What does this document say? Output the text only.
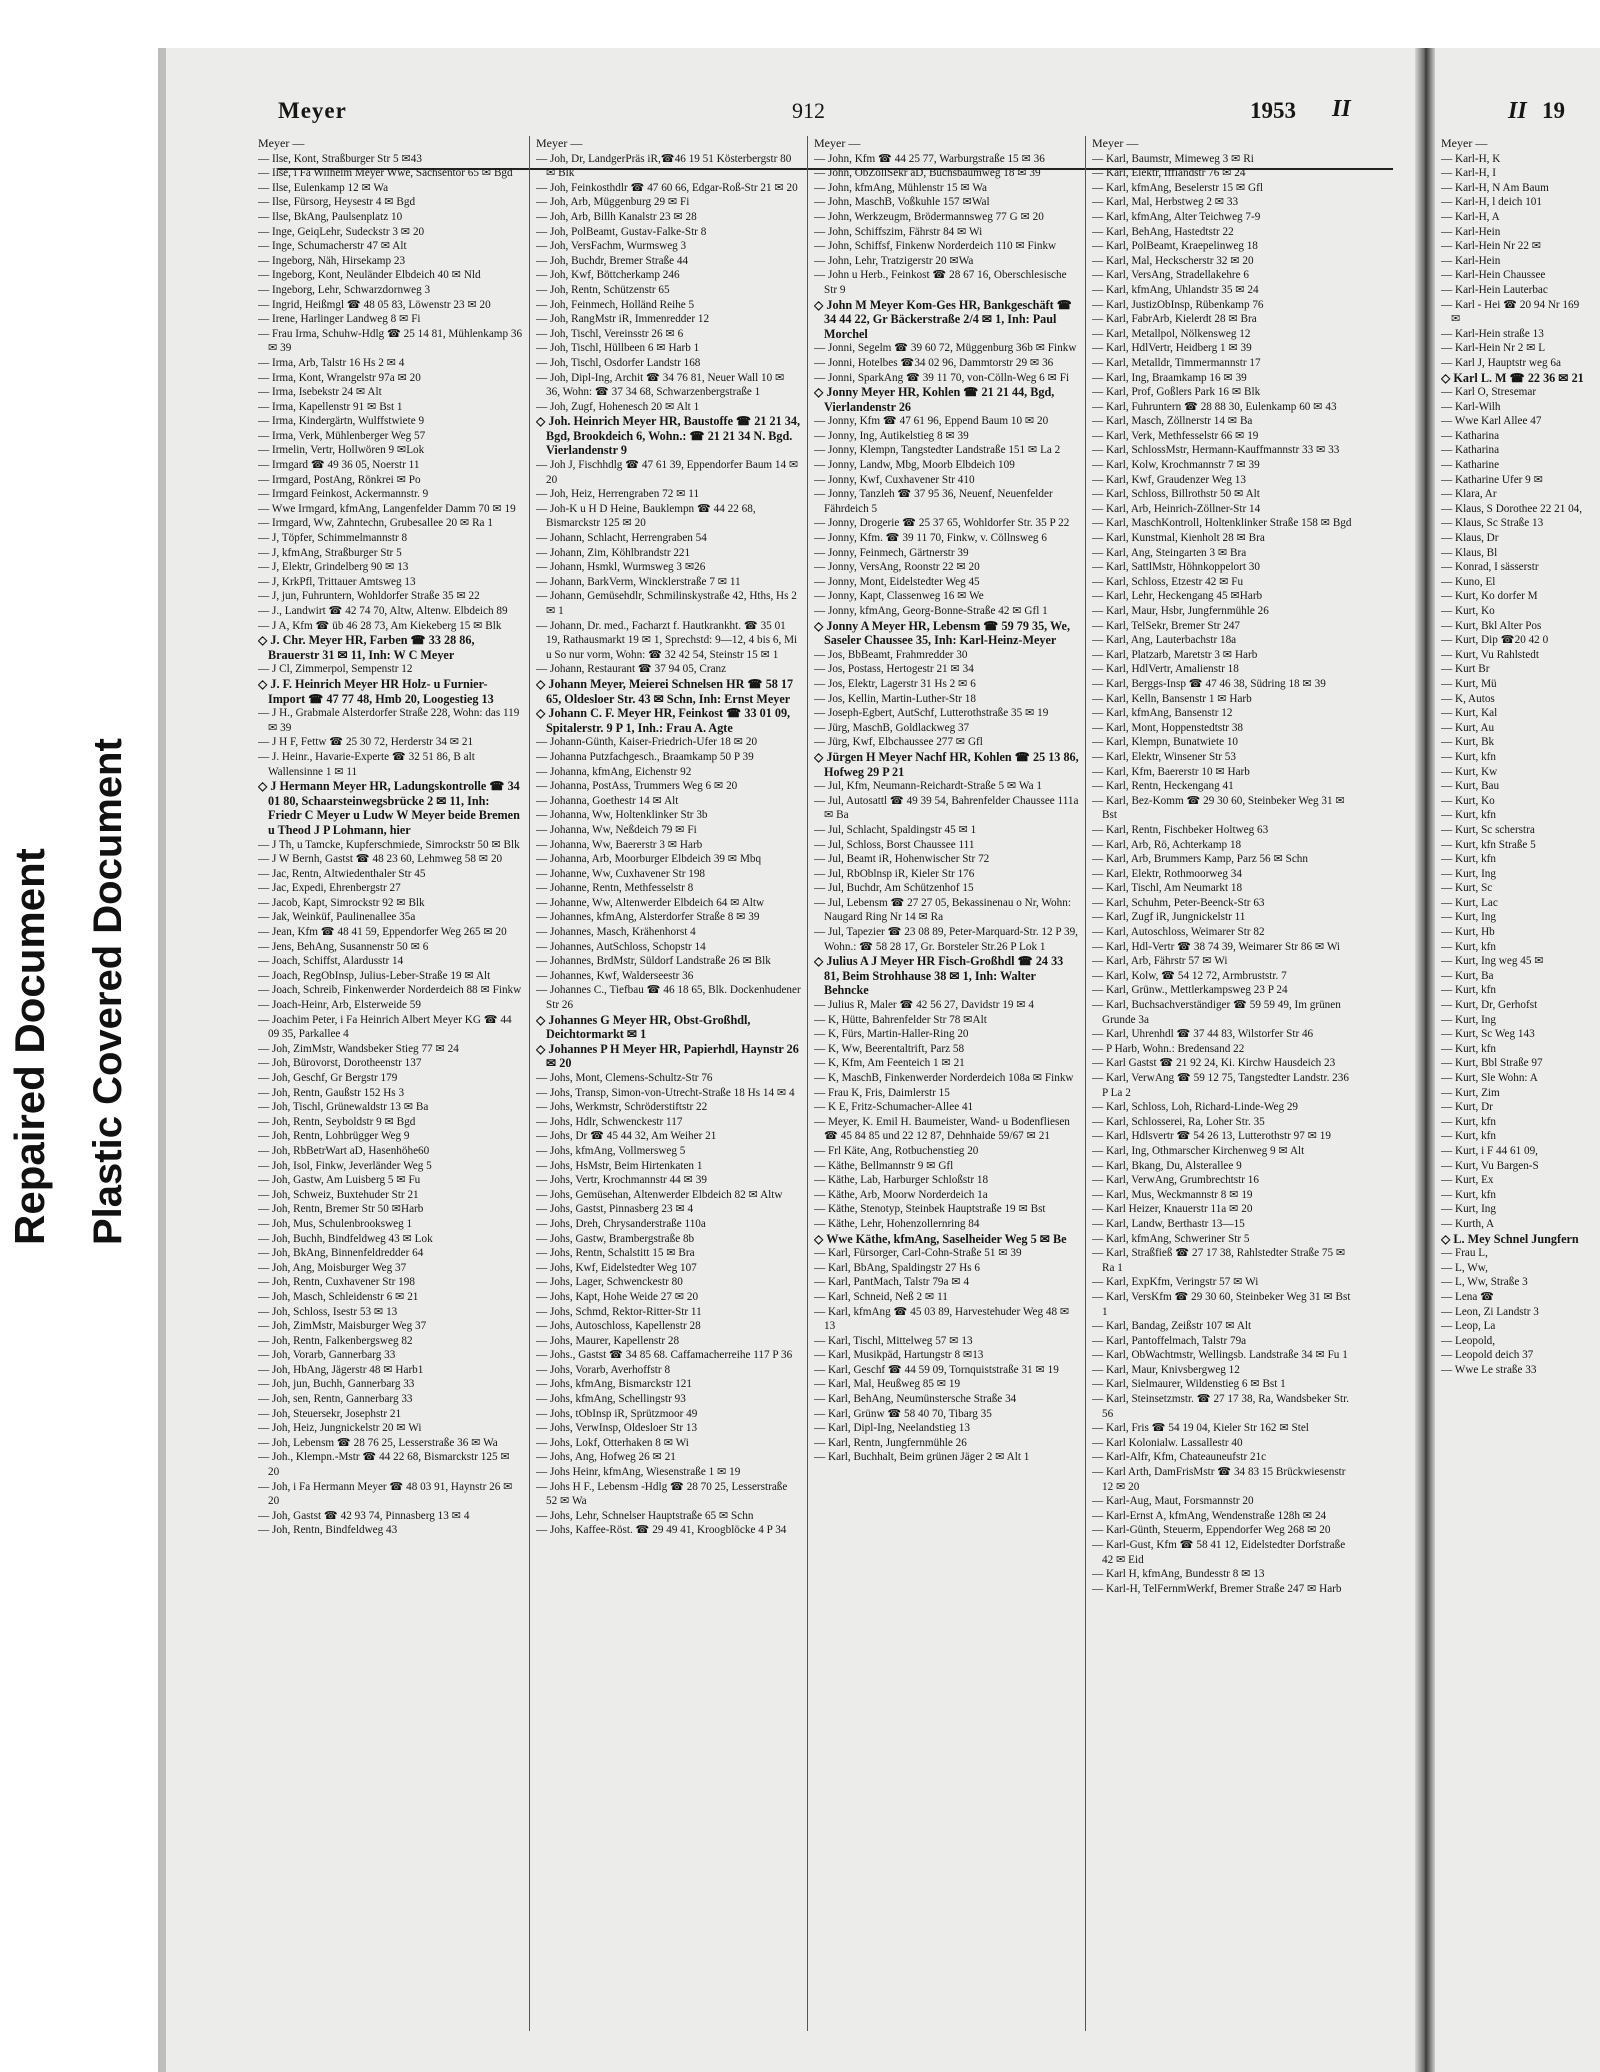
Repaired Document Plastic Covered Document
Meyer	912	1953 II	II 19
Meyer —

— Ilse, Kont, Straßburger Str 5 ✉43

— Ilse, i Fa Wilhelm Meyer Wwe, Sachsentor 65 ✉ Bgd

— Ilse, Eulenkamp 12 ✉ Wa

— Ilse, Fürsorg, Heysestr 4 ✉ Bgd

— Ilse, BkAng, Paulsenplatz 10

— Inge, GeiqLehr, Sudeckstr 3 ✉ 20

— Inge, Schumacherstr 47 ✉ Alt

— Ingeborg, Näh, Hirsekamp 23

— Ingeborg, Kont, Neuländer Elbdeich 40 ✉ Nld

— Ingeborg, Lehr, Schwarzdornweg 3

— Ingrid, Heißmgl ☎ 48 05 83, Löwenstr 23 ✉ 20

— Irene, Harlinger Landweg 8 ✉ Fi

— Frau Irma, Schuhw-Hdlg ☎ 25 14 81, Mühlenkamp 36 ✉ 39

— Irma, Arb, Talstr 16 Hs 2 ✉ 4

— Irma, Kont, Wrangelstr 97a ✉ 20

— Irma, Isebekstr 24 ✉ Alt

— Irma, Kapellenstr 91 ✉ Bst 1

— Irma, Kindergärtn, Wulffstwiete 9

— Irma, Verk, Mühlenberger Weg 57

— Irmelin, Vertr, Hollwören 9 ✉Lok

— Irmgard ☎ 49 36 05, Noerstr 11

— Irmgard, PostAng, Rönkrei ✉ Po

— Irmgard Feinkost, Ackermannstr. 9

— Wwe Irmgard, kfmAng, Langenfelder Damm 70 ✉ 19

— Irmgard, Ww, Zahntechn, Grubesallee 20 ✉ Ra 1

— J, Töpfer, Schimmelmannstr 8

— J, kfmAng, Straßburger Str 5

— J, Elektr, Grindelberg 90 ✉ 13

— J, KrkPfl, Trittauer Amtsweg 13

— J, jun, Fuhruntern, Wohldorfer Straße 35 ✉ 22

— J., Landwirt ☎ 42 74 70, Altw, Altenw. Elbdeich 89

— J A, Kfm ☎ üb 46 28 73, Am Kiekeberg 15 ✉ Blk

◇ J. Chr. Meyer HR, Farben ☎ 33 28 86, Brauerstr 31 ✉ 11, Inh: W C Meyer

— J Cl, Zimmerpol, Sempenstr 12

◇ J. F. Heinrich Meyer HR Holz- u Furnier-Import ☎ 47 77 48, Hmb 20, Loogestieg 13

— J H., Grabmale Alsterdorfer Straße 228, Wohn: das 119 ✉ 39

— J H F, Fettw ☎ 25 30 72, Herderstr 34 ✉ 21

— J. Heinr., Havarie-Experte ☎ 32 51 86, B alt Wallensinne 1 ✉ 11

◇ J Hermann Meyer HR, Ladungskontrolle ☎ 34 01 80, Schaarsteinwegsbrücke 2 ✉ 11, Inh: Friedr C Meyer u Ludw W Meyer beide Bremen u Theod J P Lohmann, hier

— J Th, u Tamcke, Kupferschmiede, Simrockstr 50 ✉ Blk

— J W Bernh, Gastst ☎ 48 23 60, Lehmweg 58 ✉ 20

— Jac, Rentn, Altwiedenthaler Str 45

— Jac, Expedi, Ehrenbergstr 27

— Jacob, Kapt, Simrockstr 92 ✉ Blk

— Jak, Weinküf, Paulinenallee 35a

— Jean, Kfm ☎ 48 41 59, Eppendorfer Weg 265 ✉ 20

— Jens, BehAng, Susannenstr 50 ✉ 6

— Joach, Schiffst, Alardusstr 14

— Joach, RegObInsp, Julius-Leber-Straße 19 ✉ Alt

— Joach, Schreib, Finkenwerder Norderdeich 88 ✉ Finkw

— Joach-Heinr, Arb, Elsterweide 59

— Joachim Peter, i Fa Heinrich Albert Meyer KG ☎ 44 09 35, Parkallee 4

— Joh, ZimMstr, Wandsbeker Stieg 77 ✉ 24

— Joh, Bürovorst, Dorotheenstr 137

— Joh, Geschf, Gr Bergstr 179

— Joh, Rentn, Gaußstr 152 Hs 3

— Joh, Tischl, Grünewaldstr 13 ✉ Ba

— Joh, Rentn, Seyboldstr 9 ✉ Bgd

— Joh, Rentn, Lohbrügger Weg 9

— Joh, RbBetrWart aD, Hasenhöhe60

— Joh, Isol, Finkw, Jeverländer Weg 5

— Joh, Gastw, Am Luisberg 5 ✉ Fu

— Joh, Schweiz, Buxtehuder Str 21

— Joh, Rentn, Bremer Str 50 ✉Harb

— Joh, Mus, Schulenbrooksweg 1

— Joh, Buchh, Bindfeldweg 43 ✉ Lok

— Joh, BkAng, Binnenfeldredder 64

— Joh, Ang, Moisburger Weg 37

— Joh, Rentn, Cuxhavener Str 198

— Joh, Masch, Schleidenstr 6 ✉ 21

— Joh, Schloss, Isestr 53 ✉ 13

— Joh, ZimMstr, Maisburger Weg 37

— Joh, Rentn, Falkenbergsweg 82

— Joh, Vorarb, Gannerbarg 33

— Joh, HbAng, Jägerstr 48 ✉ Harb1

— Joh, jun, Buchh, Gannerbarg 33

— Joh, sen, Rentn, Gannerbarg 33

— Joh, Steuersekr, Josephstr 21

— Joh, Heiz, Jungnickelstr 20 ✉ Wi

— Joh, Lebensm ☎ 28 76 25, Lesserstraße 36 ✉ Wa

— Joh., Klempn.-Mstr ☎ 44 22 68, Bismarckstr 125 ✉ 20

— Joh, i Fa Hermann Meyer ☎ 48 03 91, Haynstr 26 ✉ 20

— Joh, Gastst ☎ 42 93 74, Pinnasberg 13 ✉ 4

— Joh, Rentn, Bindfeldweg 43

Meyer —

— Joh, Dr, LandgerPräs iR,☎46 19 51 Kösterbergstr 80 ✉ Blk

— Joh, Feinkosthdlr ☎ 47 60 66, Edgar-Roß-Str 21 ✉ 20

— Joh, Arb, Müggenburg 29 ✉ Fi

— Joh, Arb, Billh Kanalstr 23 ✉ 28

— Joh, PolBeamt, Gustav-Falke-Str 8

— Joh, VersFachm, Wurmsweg 3

— Joh, Buchdr, Bremer Straße 44

— Joh, Kwf, Böttcherkamp 246

— Joh, Rentn, Schützenstr 65

— Joh, Feinmech, Holländ Reihe 5

— Joh, RangMstr iR, Immenredder 12

— Joh, Tischl, Vereinsstr 26 ✉ 6

— Joh, Tischl, Hüllbeen 6 ✉ Harb 1

— Joh, Tischl, Osdorfer Landstr 168

— Joh, Dipl-Ing, Archit ☎ 34 76 81, Neuer Wall 10 ✉ 36, Wohn: ☎ 37 34 68, Schwarzenbergstraße 1

— Joh, Zugf, Hohenesch 20 ✉ Alt 1

◇ Joh. Heinrich Meyer HR, Baustoffe ☎ 21 21 34, Bgd, Brookdeich 6, Wohn.: ☎ 21 21 34 N. Bgd. Vierlandenstr 9

— Joh J, Fischhdlg ☎ 47 61 39, Eppendorfer Baum 14 ✉ 20

— Joh, Heiz, Herrengraben 72 ✉ 11

— Joh-K u H D Heine, Bauklempn ☎ 44 22 68, Bismarckstr 125 ✉ 20

— Johann, Schlacht, Herrengraben 54

— Johann, Zim, Köhlbrandstr 221

— Johann, Hsmkl, Wurmsweg 3 ✉26

— Johann, BarkVerm, Wincklerstraße 7 ✉ 11

— Johann, Gemüsehdlr, Schmilinskystraße 42, Hths, Hs 2 ✉ 1

— Johann, Dr. med., Facharzt f. Hautkrankht. ☎ 35 01 19, Rathausmarkt 19 ✉ 1, Sprechstd: 9—12, 4 bis 6, Mi u So nur vorm, Wohn: ☎ 32 42 54, Steinstr 15 ✉ 1

— Johann, Restaurant ☎ 37 94 05, Cranz

◇ Johann Meyer, Meierei Schnelsen HR ☎ 58 17 65, Oldesloer Str. 43 ✉ Schn, Inh: Ernst Meyer

◇ Johann C. F. Meyer HR, Feinkost ☎ 33 01 09, Spitalerstr. 9 P 1, Inh.: Frau A. Agte

— Johann-Günth, Kaiser-Friedrich-Ufer 18 ✉ 20

— Johanna Putzfachgesch., Braamkamp 50 P 39

— Johanna, kfmAng, Eichenstr 92

— Johanna, PostAss, Trummers Weg 6 ✉ 20

— Johanna, Goethestr 14 ✉ Alt

— Johanna, Ww, Holtenklinker Str 3b

— Johanna, Ww, Neßdeich 79 ✉ Fi

— Johanna, Ww, Baererstr 3 ✉ Harb

— Johanna, Arb, Moorburger Elbdeich 39 ✉ Mbq

— Johanne, Ww, Cuxhavener Str 198

— Johanne, Rentn, Methfesselstr 8

— Johanne, Ww, Altenwerder Elbdeich 64 ✉ Altw

— Johannes, kfmAng, Alsterdorfer Straße 8 ✉ 39

— Johannes, Masch, Krähenhorst 4

— Johannes, AutSchloss, Schopstr 14

— Johannes, BrdMstr, Süldorf Landstraße 26 ✉ Blk

— Johannes, Kwf, Walderseestr 36

— Johannes C., Tiefbau ☎ 46 18 65, Blk. Dockenhudener Str 26

◇ Johannes G Meyer HR, Obst-Großhdl, Deichtormarkt ✉ 1

◇ Johannes P H Meyer HR, Papierhdl, Haynstr 26 ✉ 20

— Johs, Mont, Clemens-Schultz-Str 76

— Johs, Transp, Simon-von-Utrecht-Straße 18 Hs 14 ✉ 4

— Johs, Werkmstr, Schröderstiftstr 22

— Johs, Hdlr, Schwenckestr 117

— Johs, Dr ☎ 45 44 32, Am Weiher 21

— Johs, kfmAng, Vollmersweg 5

— Johs, HsMstr, Beim Hirtenkaten 1

— Johs, Vertr, Krochmannstr 44 ✉ 39

— Johs, Gemüsehan, Altenwerder Elbdeich 82 ✉ Altw

— Johs, Gastst, Pinnasberg 23 ✉ 4

— Johs, Dreh, Chrysanderstraße 110a

— Johs, Gastw, Brambergstraße 8b

— Johs, Rentn, Schalstitt 15 ✉ Bra

— Johs, Kwf, Eidelstedter Weg 107

— Johs, Lager, Schwenckestr 80

— Johs, Kapt, Hohe Weide 27 ✉ 20

— Johs, Schmd, Rektor-Ritter-Str 11

— Johs, Autoschloss, Kapellenstr 28

— Johs, Maurer, Kapellenstr 28

— Johs., Gastst ☎ 34 85 68. Caffamacherreihe 117 P 36

— Johs, Vorarb, Averhoffstr 8

— Johs, kfmAng, Bismarckstr 121

— Johs, kfmAng, Schellingstr 93

— Johs, tObInsp iR, Sprützmoor 49

— Johs, VerwInsp, Oldesloer Str 13

— Johs, Lokf, Otterhaken 8 ✉ Wi

— Johs, Ang, Hofweg 26 ✉ 21

— Johs Heinr, kfmAng, Wiesenstraße 1 ✉ 19

— Johs H F., Lebensm -Hdlg ☎ 28 70 25, Lesserstraße 52 ✉ Wa

— Johs, Lehr, Schnelser Hauptstraße 65 ✉ Schn

— Johs, Kaffee-Röst. ☎ 29 49 41, Kroogblöcke 4 P 34

Meyer —

— John, Kfm ☎ 44 25 77, Warburgstraße 15 ✉ 36

— John, ObZollSekr aD, Buchsbaumweg 18 ✉ 39

— John, kfmAng, Mühlenstr 15 ✉ Wa

— John, MaschB, Voßkuhle 157 ✉Wal

— John, Werkzeugm, Brödermannsweg 77 G ✉ 20

— John, Schiffszim, Fährstr 84 ✉ Wi

— John, Schiffsf, Finkenw Norderdeich 110 ✉ Finkw

— John, Lehr, Tratzigerstr 20 ✉Wa

— John u Herb., Feinkost ☎ 28 67 16, Oberschlesische Str 9

◇ John M Meyer Kom-Ges HR, Bankgeschäft ☎ 34 44 22, Gr Bäckerstraße 2/4 ✉ 1, Inh: Paul Morchel

— Jonni, Segelm ☎ 39 60 72, Müggenburg 36b ✉ Finkw

— Jonni, Hotelbes ☎34 02 96, Dammtorstr 29 ✉ 36

— Jonni, SparkAng ☎ 39 11 70, von-Cölln-Weg 6 ✉ Fi

◇ Jonny Meyer HR, Kohlen ☎ 21 21 44, Bgd, Vierlandenstr 26

— Jonny, Kfm ☎ 47 61 96, Eppend Baum 10 ✉ 20

— Jonny, Ing, Autikelstieg 8 ✉ 39

— Jonny, Klempn, Tangstedter Landstraße 151 ✉ La 2

— Jonny, Landw, Mbg, Moorb Elbdeich 109

— Jonny, Kwf, Cuxhavener Str 410

— Jonny, Tanzleh ☎ 37 95 36, Neuenf, Neuenfelder Fährdeich 5

— Jonny, Drogerie ☎ 25 37 65, Wohldorfer Str. 35 P 22

— Jonny, Kfm. ☎ 39 11 70, Finkw, v. Cöllnsweg 6

— Jonny, Feinmech, Gärtnerstr 39

— Jonny, VersAng, Roonstr 22 ✉ 20

— Jonny, Mont, Eidelstedter Weg 45

— Jonny, Kapt, Classenweg 16 ✉ We

— Jonny, kfmAng, Georg-Bonne-Straße 42 ✉ Gfl 1

◇ Jonny A Meyer HR, Lebensm ☎ 59 79 35, We, Saseler Chaussee 35, Inh: Karl-Heinz-Meyer

— Jos, BbBeamt, Frahmredder 30

— Jos, Postass, Hertogestr 21 ✉ 34

— Jos, Elektr, Lagerstr 31 Hs 2 ✉ 6

— Jos, Kellin, Martin-Luther-Str 18

— Joseph-Egbert, AutSchf, Lutterothstraße 35 ✉ 19

— Jürg, MaschB, Goldlackweg 37

— Jürg, Kwf, Elbchaussee 277 ✉ Gfl

◇ Jürgen H Meyer Nachf HR, Kohlen ☎ 25 13 86, Hofweg 29 P 21

— Jul, Kfm, Neumann-Reichardt-Straße 5 ✉ Wa 1

— Jul, Autosattl ☎ 49 39 54, Bahrenfelder Chaussee 111a ✉ Ba

— Jul, Schlacht, Spaldingstr 45 ✉ 1

— Jul, Schloss, Borst Chaussee 111

— Jul, Beamt iR, Hohenwischer Str 72

— Jul, RbOblnsp iR, Kieler Str 176

— Jul, Buchdr, Am Schützenhof 15

— Jul, Lebensm ☎ 27 27 05, Bekassinenau o Nr, Wohn: Naugard Ring Nr 14 ✉ Ra

— Jul, Tapezier ☎ 23 08 89, Peter-Marquard-Str. 12 P 39, Wohn.: ☎ 58 28 17, Gr. Borsteler Str.26 P Lok 1

◇ Julius A J Meyer HR Fisch-Großhdl ☎ 24 33 81, Beim Strohhause 38 ✉ 1, Inh: Walter Behncke

— Julius R, Maler ☎ 42 56 27, Davidstr 19 ✉ 4

— K, Hütte, Bahrenfelder Str 78 ✉Alt

— K, Fürs, Martin-Haller-Ring 20

— K, Ww, Beerentaltrift, Parz 58

— K, Kfm, Am Feenteich 1 ✉ 21

— K, MaschB, Finkenwerder Norderdeich 108a ✉ Finkw

— Frau K, Fris, Daimlerstr 15

— K E, Fritz-Schumacher-Allee 41

— Meyer, K. Emil H. Baumeister, Wand- u Bodenfliesen ☎ 45 84 85 und 22 12 87, Dehnhaide 59/67 ✉ 21

— Frl Käte, Ang, Rotbuchenstieg 20

— Käthe, Bellmannstr 9 ✉ Gfl

— Käthe, Lab, Harburger Schloßstr 18

— Käthe, Arb, Moorw Norderdeich 1a

— Käthe, Stenotyp, Steinbek Hauptstraße 19 ✉ Bst

— Käthe, Lehr, Hohenzollernring 84

◇ Wwe Käthe, kfmAng, Saselheider Weg 5 ✉ Be

— Karl, Fürsorger, Carl-Cohn-Straße 51 ✉ 39

— Karl, BbAng, Spaldingstr 27 Hs 6

— Karl, PantMach, Talstr 79a ✉ 4

— Karl, Schneid, Neß 2 ✉ 11

— Karl, kfmAng ☎ 45 03 89, Harvestehuder Weg 48 ✉ 13

— Karl, Tischl, Mittelweg 57 ✉ 13

— Karl, Musikpäd, Hartungstr 8 ✉13

— Karl, Geschf ☎ 44 59 09, Tornquiststraße 31 ✉ 19

— Karl, Mal, Heußweg 85 ✉ 19

— Karl, BehAng, Neumünstersche Straße 34

— Karl, Grünw ☎ 58 40 70, Tibarg 35

— Karl, Dipl-Ing, Neelandstieg 13

— Karl, Rentn, Jungfernmühle 26

— Karl, Buchhalt, Beim grünen Jäger 2 ✉ Alt 1

Meyer —

— Karl, Baumstr, Mimeweg 3 ✉ Ri

— Karl, Elektr, Iffiandstr 76 ✉ 24

— Karl, kfmAng, Beselerstr 15 ✉ Gfl

— Karl, Mal, Herbstweg 2 ✉ 33

— Karl, kfmAng, Alter Teichweg 7-9

— Karl, BehAng, Hastedtstr 22

— Karl, PolBeamt, Kraepelinweg 18

— Karl, Mal, Heckscherstr 32 ✉ 20

— Karl, VersAng, Stradellakehre 6

— Karl, kfmAng, Uhlandstr 35 ✉ 24

— Karl, JustizObInsp, Rübenkamp 76

— Karl, FabrArb, Kielerdt 28 ✉ Bra

— Karl, Metallpol, Nölkensweg 12

— Karl, HdlVertr, Heidberg 1 ✉ 39

— Karl, Metalldr, Timmermannstr 17

— Karl, Ing, Braamkamp 16 ✉ 39

— Karl, Prof, Goßlers Park 16 ✉ Blk

— Karl, Fuhruntern ☎ 28 88 30, Eulenkamp 60 ✉ 43

— Karl, Masch, Zöllnerstr 14 ✉ Ba

— Karl, Verk, Methfesselstr 66 ✉ 19

— Karl, SchlossMstr, Hermann-Kauffmannstr 33 ✉ 33

— Karl, Kolw, Krochmannstr 7 ✉ 39

— Karl, Kwf, Graudenzer Weg 13

— Karl, Schloss, Billrothstr 50 ✉ Alt

— Karl, Arb, Heinrich-Zöllner-Str 14

— Karl, MaschKontroll, Holtenklinker Straße 158 ✉ Bgd

— Karl, Kunstmal, Kienholt 28 ✉ Bra

— Karl, Ang, Steingarten 3 ✉ Bra

— Karl, SattlMstr, Höhnkoppelort 30

— Karl, Schloss, Etzestr 42 ✉ Fu

— Karl, Lehr, Heckengang 45 ✉Harb

— Karl, Maur, Hsbr, Jungfernmühle 26

— Karl, TelSekr, Bremer Str 247

— Karl, Ang, Lauterbachstr 18a

— Karl, Platzarb, Maretstr 3 ✉ Harb

— Karl, HdlVertr, Amalienstr 18

— Karl, Berggs-Insp ☎ 47 46 38, Südring 18 ✉ 39

— Karl, Kelln, Bansenstr 1 ✉ Harb

— Karl, kfmAng, Bansenstr 12

— Karl, Mont, Hoppenstedtstr 38

— Karl, Klempn, Bunatwiete 10

— Karl, Elektr, Winsener Str 53

— Karl, Kfm, Baererstr 10 ✉ Harb

— Karl, Rentn, Heckengang 41

— Karl, Bez-Komm ☎ 29 30 60, Steinbeker Weg 31 ✉ Bst

— Karl, Rentn, Fischbeker Holtweg 63

— Karl, Arb, Rö, Achterkamp 18

— Karl, Arb, Brummers Kamp, Parz 56 ✉ Schn

— Karl, Elektr, Rothmoorweg 34

— Karl, Tischl, Am Neumarkt 18

— Karl, Schuhm, Peter-Beenck-Str 63

— Karl, Zugf iR, Jungnickelstr 11

— Karl, Autoschloss, Weimarer Str 82

— Karl, Hdl-Vertr ☎ 38 74 39, Weimarer Str 86 ✉ Wi

— Karl, Arb, Fährstr 57 ✉ Wi

— Karl, Kolw, ☎ 54 12 72, Armbruststr. 7

— Karl, Grünw., Mettlerkampsweg 23 P 24

— Karl, Buchsachverständiger ☎ 59 59 49, Im grünen Grunde 3a

— Karl, Uhrenhdl ☎ 37 44 83, Wilstorfer Str 46

— P Harb, Wohn.: Bredensand 22

— Karl Gastst ☎ 21 92 24, Ki. Kirchw Hausdeich 23

— Karl, VerwAng ☎ 59 12 75, Tangstedter Landstr. 236 P La 2

— Karl, Schloss, Loh, Richard-Linde-Weg 29

— Karl, Schlosserei, Ra, Loher Str. 35

— Karl, Hdlsvertr ☎ 54 26 13, Lutterothstr 97 ✉ 19

— Karl, Ing, Othmarscher Kirchenweg 9 ✉ Alt

— Karl, Bkang, Du, Alsterallee 9

— Karl, VerwAng, Grumbrechtstr 16

— Karl, Mus, Weckmannstr 8 ✉ 19

— Karl Heizer, Knauerstr 11a ✉ 20

— Karl, Landw, Berthastr 13—15

— Karl, kfmAng, Schweriner Str 5

— Karl, Straßfieß ☎ 27 17 38, Rahlstedter Straße 75 ✉ Ra 1

— Karl, ExpKfm, Veringstr 57 ✉ Wi

— Karl, VersKfm ☎ 29 30 60, Steinbeker Weg 31 ✉ Bst 1

— Karl, Bandag, Zeißstr 107 ✉ Alt

— Karl, Pantoffelmach, Talstr 79a

— Karl, ObWachtmstr, Wellingsb. Landstraße 34 ✉ Fu 1

— Karl, Maur, Knivsbergweg 12

— Karl, Sielmaurer, Wildenstieg 6 ✉ Bst 1

— Karl, Steinsetzmstr. ☎ 27 17 38, Ra, Wandsbeker Str. 56

— Karl, Fris ☎ 54 19 04, Kieler Str 162 ✉ Stel

— Karl Kolonialw. Lassallestr 40

— Karl-Alfr, Kfm, Chateauneufstr 21c

— Karl Arth, DamFrisMstr ☎ 34 83 15 Brückwiesenstr 12 ✉ 20

— Karl-Aug, Maut, Forsmannstr 20

— Karl-Ernst A, kfmAng, Wendenstraße 128h ✉ 24

— Karl-Günth, Steuerm, Eppendorfer Weg 268 ✉ 20

— Karl-Gust, Kfm ☎ 58 41 12, Eidelstedter Dorfstraße 42 ✉ Eid

— Karl H, kfmAng, Bundesstr 8 ✉ 13

— Karl-H, TelFernmWerkf, Bremer Straße 247 ✉ Harb

Meyer —

— Karl-H, K

— Karl-H, I

— Karl-H, N Am Baum

— Karl-H, l deich 101

— Karl-H, A

— Karl-Hein

— Karl-Hein Nr 22 ✉

— Karl-Hein

— Karl-Hein Chaussee

— Karl-Hein Lauterbac

— Karl - Hei ☎ 20 94 Nr 169 ✉

— Karl-Hein straße 13

— Karl-Hein Nr 2 ✉ L

— Karl J, Hauptstr weg 6a

◇ Karl L. M ☎ 22 36 ✉ 21

— Karl O, Stresemar

— Karl-Wilh

— Wwe Karl Allee 47

— Katharina

— Katharina

— Katharine

— Katharine Ufer 9 ✉

— Klara, Ar

— Klaus, S Dorothee 22 21 04,

— Klaus, Sc Straße 13

— Klaus, Dr

— Klaus, Bl

— Konrad, I sässerstr

— Kuno, El

— Kurt, Ko dorfer M

— Kurt, Ko

— Kurt, Bkl Alter Pos

— Kurt, Dip ☎20 42 0

— Kurt, Vu Rahlstedt

— Kurt Br

— Kurt, Mü

— K, Autos

— Kurt, Kal

— Kurt, Au

— Kurt, Bk

— Kurt, kfn

— Kurt, Kw

— Kurt, Bau

— Kurt, Ko

— Kurt, kfn

— Kurt, Sc scherstra

— Kurt, kfn Straße 5

— Kurt, kfn

— Kurt, Ing

— Kurt, Sc

— Kurt, Lac

— Kurt, Ing

— Kurt, Hb

— Kurt, kfn

— Kurt, Ing weg 45 ✉

— Kurt, Ba

— Kurt, kfn

— Kurt, Dr, Gerhofst

— Kurt, Ing

— Kurt, Sc Weg 143

— Kurt, kfn

— Kurt, Bbl Straße 97

— Kurt, Sle Wohn: A

— Kurt, Zim

— Kurt, Dr

— Kurt, kfn

— Kurt, kfn

— Kurt, i F 44 61 09,

— Kurt, Vu Bargen-S

— Kurt, Ex

— Kurt, kfn

— Kurt, Ing

— Kurth, A

◇ L. Mey Schnel Jungfern

— Frau L,

— L, Ww,

— L, Ww, Straße 3

— Lena ☎

— Leon, Zi Landstr 3

— Leop, La

— Leopold,

— Leopold deich 37

— Wwe Le straße 33
